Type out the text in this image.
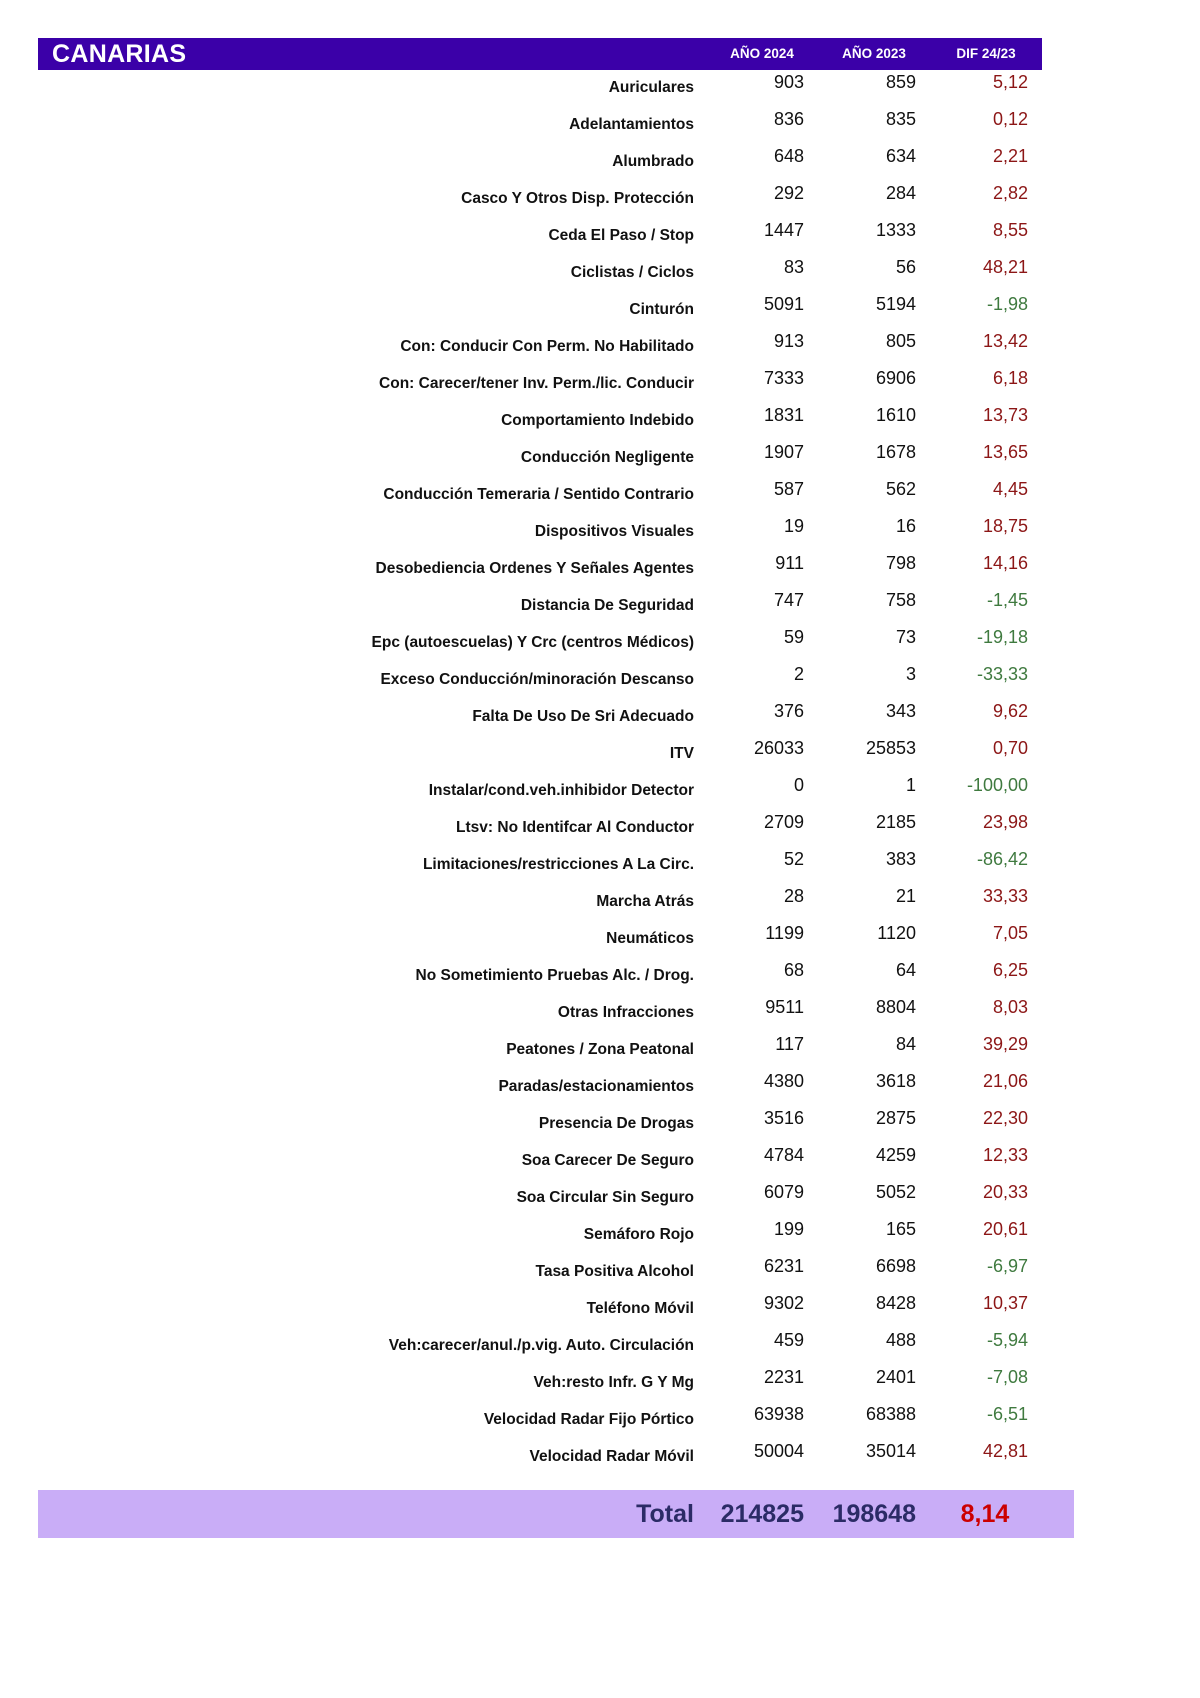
CANARIAS	AÑO 2024	AÑO 2023	DIF 24/23
Auriculares	903	859	5,12
Adelantamientos	836	835	0,12
Alumbrado	648	634	2,21
Casco Y Otros Disp. Protección	292	284	2,82
Ceda El Paso / Stop	1447	1333	8,55
Ciclistas / Ciclos	83	56	48,21
Cinturón	5091	5194	-1,98
Con: Conducir Con Perm. No Habilitado	913	805	13,42
Con: Carecer/tener Inv. Perm./lic. Conducir	7333	6906	6,18
Comportamiento Indebido	1831	1610	13,73
Conducción Negligente	1907	1678	13,65
Conducción Temeraria / Sentido Contrario	587	562	4,45
Dispositivos Visuales	19	16	18,75
Desobediencia Órdenes Y Señales Agentes	911	798	14,16
Distancia De Seguridad	747	758	-1,45
Epc (autoescuelas) Y Crc (centros Médicos)	59	73	-19,18
Exceso Conducción/minoración Descanso	2	3	-33,33
Falta De Uso De Sri Adecuado	376	343	9,62
ITV	26033	25853	0,70
Instalar/cond.veh.inhibidor Detector	0	1	-100,00
Ltsv: No Identifcar Al Conductor	2709	2185	23,98
Limitaciones/restricciones A La Circ.	52	383	-86,42
Marcha Atrás	28	21	33,33
Neumáticos	1199	1120	7,05
No Sometimiento Pruebas Alc. / Drog.	68	64	6,25
Otras Infracciones	9511	8804	8,03
Peatones / Zona Peatonal	117	84	39,29
Paradas/estacionamientos	4380	3618	21,06
Presencia De Drogas	3516	2875	22,30
Soa Carecer De Seguro	4784	4259	12,33
Soa Circular Sin Seguro	6079	5052	20,33
Semáforo Rojo	199	165	20,61
Tasa Positiva Alcohol	6231	6698	-6,97
Teléfono Móvil	9302	8428	10,37
Veh:carecer/anul./p.vig. Auto. Circulación	459	488	-5,94
Veh:resto Infr. G Y Mg	2231	2401	-7,08
Velocidad Radar Fijo Pórtico	63938	68388	-6,51
Velocidad Radar Móvil	50004	35014	42,81
Total	214825	198648	8,14
